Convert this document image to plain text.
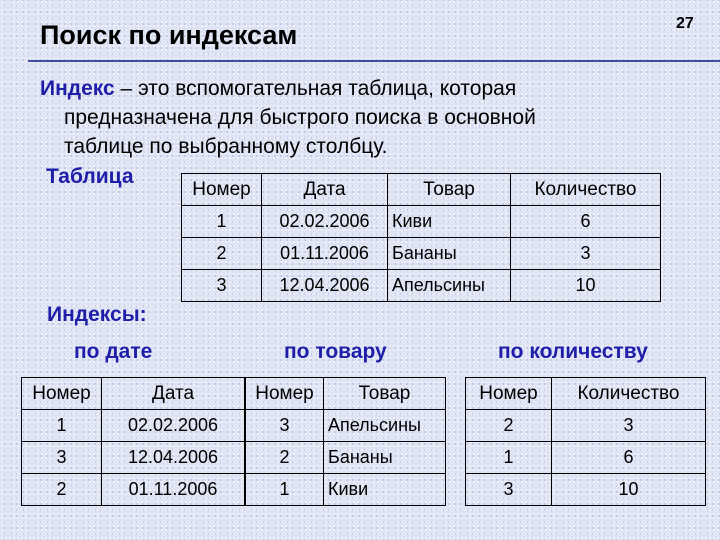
Поиск по индексам	27
Индекс – это вспомогательная таблица, которая
предназначена для быстрого поиска в основной
таблице по выбранному столбцу.
Таблица
Номер	Дата	Товар	Количество
1	02.02.2006	Киви	6
2	01.11.2006	Бананы	3
3	12.04.2006	Апельсины	10
Индексы:
по дате	по товару	по количеству
Номер	Дата
1	02.02.2006
3	12.04.2006
2	01.11.2006
Номер	Товар
3	Апельсины
2	Бананы
1	Киви
Номер	Количество
2	3
1	6
3	10
